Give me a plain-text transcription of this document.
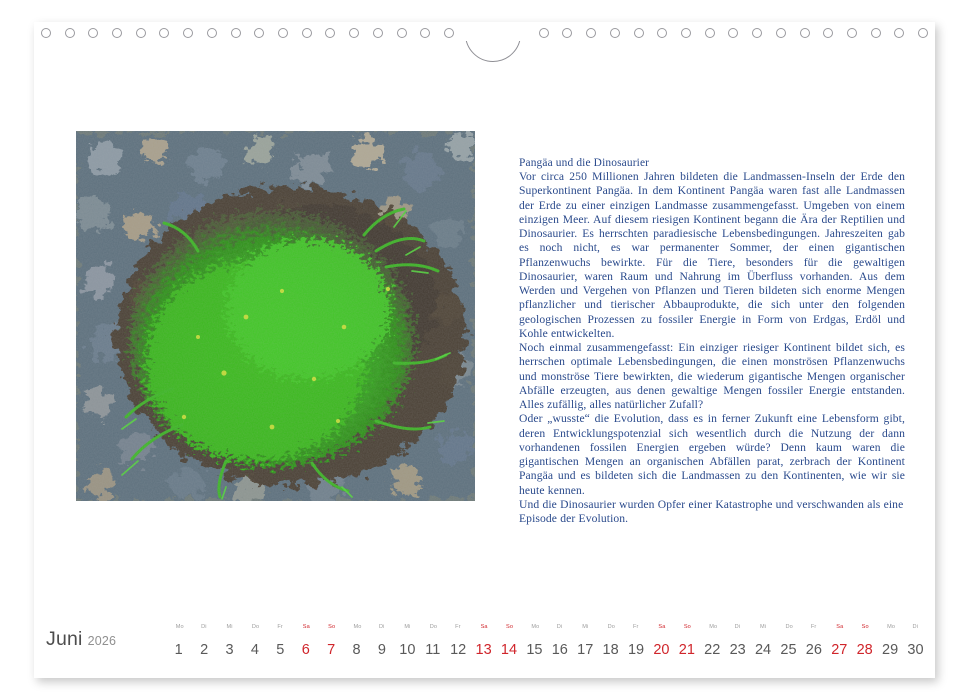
Pangäa und die Dinosaurier

Vor circa 250 Millionen Jahren bildeten die Landmassen-Inseln der Erde den Superkontinent Pangäa. In dem Kontinent Pangäa waren fast alle Landmassen der Erde zu einer einzigen Landmasse zusammengefasst. Umgeben von einem einzigen Meer. Auf diesem riesigen Kontinent begann die Ära der Reptilien und Dinosaurier. Es herrschten paradiesische Lebensbedingungen. Jahreszeiten gab es noch nicht, es war permanenter Sommer, der einen gigantischen Pflanzenwuchs bewirkte. Für die Tiere, besonders für die gewaltigen Dinosaurier, waren Raum und Nahrung im Überfluss vorhanden. Aus dem Werden und Vergehen von Pflanzen und Tieren bildeten sich enorme Mengen pflanzlicher und tierischer Abbauprodukte, die sich unter den folgenden geologischen Prozessen zu fossiler Energie in Form von Erdgas, Erdöl und Kohle entwickelten.

Noch einmal zusammengefasst: Ein einziger riesiger Kontinent bildet sich, es herrschen optimale Lebensbedingungen, die einen monströsen Pflanzenwuchs und monströse Tiere bewirkten, die wiederum gigantische Mengen organischer Abfälle erzeugten, aus denen gewaltige Mengen fossiler Energie entstanden. Alles zufällig, alles natürlicher Zufall?

Oder „wusste“ die Evolution, dass es in ferner Zukunft eine Lebensform gibt, deren Entwicklungspotenzial sich wesentlich durch die Nutzung der dann vorhandenen fossilen Energien ergeben würde? Denn kaum waren die gigantischen Mengen an organischen Abfällen parat, zerbrach der Kontinent Pangäa und es bildeten sich die Landmassen zu den Kontinenten, wie wir sie heute kennen.

Und die Dinosaurier wurden Opfer einer Katastrophe und verschwanden als eine Episode der Evolution.

Juni 2026
Mo
1
Di
2
Mi
3
Do
4
Fr
5
Sa
6
So
7
Mo
8
Di
9
Mi
10
Do
11
Fr
12
Sa
13
So
14
Mo
15
Di
16
Mi
17
Do
18
Fr
19
Sa
20
So
21
Mo
22
Di
23
Mi
24
Do
25
Fr
26
Sa
27
So
28
Mo
29
Di
30
